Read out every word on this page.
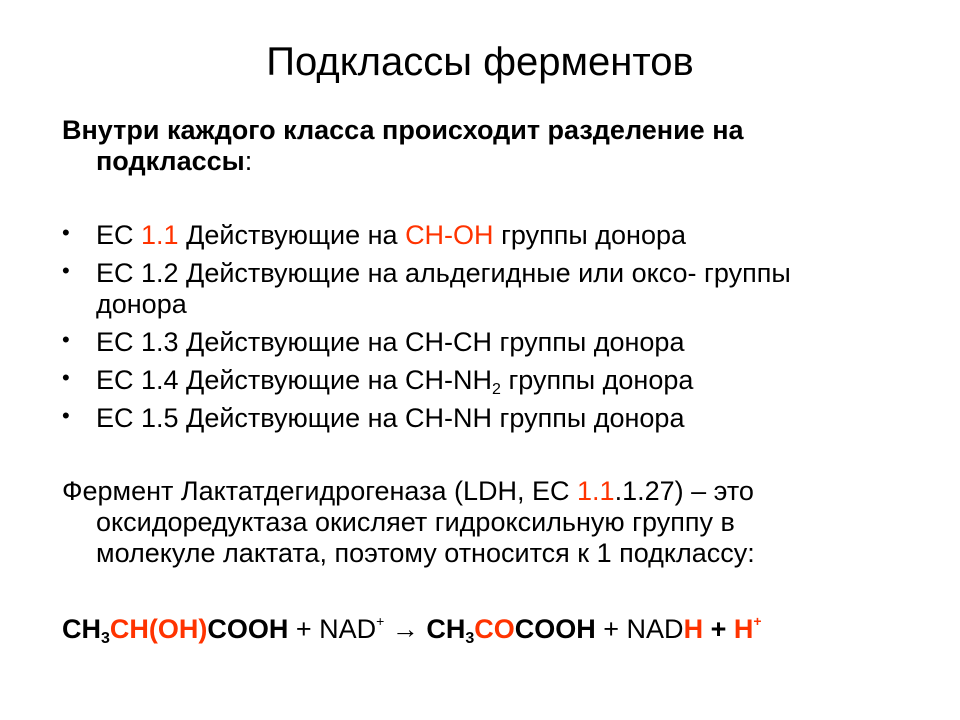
Подклассы ферментов
Внутри каждого класса происходит разделение на
подклассы:
• ЕС 1.1 Действующие на CH-OH группы донора
• ЕС 1.2 Действующие на альдегидные или оксо- группы
донора
• ЕС 1.3 Действующие на CH-CH группы донора
• ЕС 1.4 Действующие на $CH-NH_2$ группы донора
• ЕС 1.5 Действующие на CH-NH группы донора
Фермент Лактатдегидрогеназа (LDH, ЕС 1.1.1.27) – это
оксидоредуктаза окисляет гидроксильную группу в
молекуле лактата, поэтому относится к 1 подклассу:
$CH_3CH(OH)COOH + NAD^+$ → $CH_3COCOOH$ + NADH + H+
